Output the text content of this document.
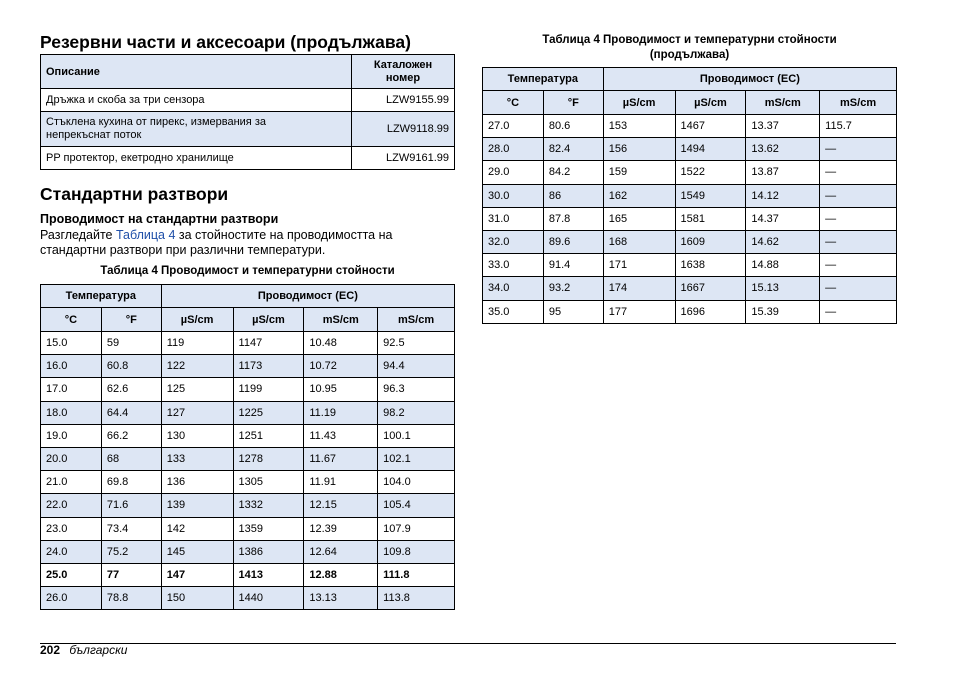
Резервни части и аксесоари (продължава)
Описание	Каталожен
номер
Дръжка и скоба за три сензора	LZW9155.99
Стъклена кухина от пирекс, измервания за
непрекъснат поток	LZW9118.99
PP протектор, екетродно хранилище	LZW9161.99
Стандартни разтвори
Проводимост на стандартни разтвори
Разгледайте Таблица 4 за стойностите на проводимостта на
стандартни разтвори при различни температури.
Таблица 4 Проводимост и температурни стойности
Температура		Проводимост (EC)			
°C	°F	µS/cm	µS/cm	mS/cm	mS/cm
15.0	59	119	1147	10.48	92.5
16.0	60.8	122	1173	10.72	94.4
17.0	62.6	125	1199	10.95	96.3
18.0	64.4	127	1225	11.19	98.2
19.0	66.2	130	1251	11.43	100.1
20.0	68	133	1278	11.67	102.1
21.0	69.8	136	1305	11.91	104.0
22.0	71.6	139	1332	12.15	105.4
23.0	73.4	142	1359	12.39	107.9
24.0	75.2	145	1386	12.64	109.8
25.0	77	147	1413	12.88	111.8
26.0	78.8	150	1440	13.13	113.8
Таблица 4 Проводимост и температурни стойности
(продължава)
Температура		Проводимост (EC)			
°C	°F	µS/cm	µS/cm	mS/cm	mS/cm
27.0	80.6	153	1467	13.37	115.7
28.0	82.4	156	1494	13.62	—
29.0	84.2	159	1522	13.87	—
30.0	86	162	1549	14.12	—
31.0	87.8	165	1581	14.37	—
32.0	89.6	168	1609	14.62	—
33.0	91.4	171	1638	14.88	—
34.0	93.2	174	1667	15.13	—
35.0	95	177	1696	15.39	—
202 български
